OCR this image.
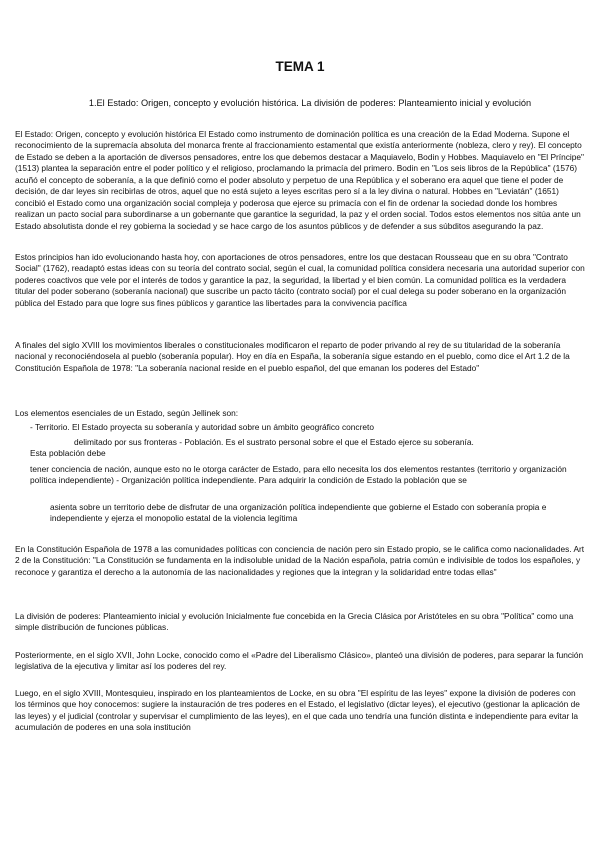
TEMA 1
1.El Estado: Origen, concepto y evolución histórica. La división de poderes: Planteamiento inicial y evolución

El Estado: Origen, concepto y evolución histórica El Estado como instrumento de dominación política es una creación de la Edad Moderna. Supone el reconocimiento de la supremacía absoluta del monarca frente al fraccionamiento estamental que existía anteriormente (nobleza, clero y rey). El concepto de Estado se deben a la aportación de diversos pensadores, entre los que debemos destacar a Maquiavelo, Bodin y Hobbes. Maquiavelo en "El Príncipe" (1513) plantea la separación entre el poder político y el religioso, proclamando la primacía del primero. Bodin en "Los seis libros de la República" (1576) acuñó el concepto de soberanía, a la que definió como el poder absoluto y perpetuo de una República y el soberano era aquel que tiene el poder de decisión, de dar leyes sin recibirlas de otros, aquel que no está sujeto a leyes escritas pero sí a la ley divina o natural. Hobbes en "Leviatán" (1651) concibió el Estado como una organización social compleja y poderosa que ejerce su primacía con el fin de ordenar la sociedad donde los hombres realizan un pacto social para subordinarse a un gobernante que garantice la seguridad, la paz y el orden social. Todos estos elementos nos sitúa ante un Estado absolutista donde el rey gobierna la sociedad y se hace cargo de los asuntos públicos y de defender a sus súbditos asegurando la paz.

Estos principios han ido evolucionando hasta hoy, con aportaciones de otros pensadores, entre los que destacan Rousseau que en su obra "Contrato Social" (1762), readaptó estas ideas con su teoría del contrato social, según el cual, la comunidad política considera necesaria una autoridad superior con poderes coactivos que vele por el interés de todos y garantice la paz, la seguridad, la libertad y el bien común. La comunidad política es la verdadera titular del poder soberano (soberanía nacional) que suscribe un pacto tácito (contrato social) por el cual delega su poder soberano en la organización pública del Estado para que logre sus fines públicos y garantice las libertades para la convivencia pacífica

A finales del siglo XVIII los movimientos liberales o constitucionales modificaron el reparto de poder privando al rey de su titularidad de la soberanía nacional y reconociéndosela al pueblo (soberanía popular). Hoy en día en España, la soberanía sigue estando en el pueblo, como dice el Art 1.2 de la Constitución Española de 1978: "La soberanía nacional reside en el pueblo español, del que emanan los poderes del Estado"

Los elementos esenciales de un Estado, según Jellinek son:

- Territorio. El Estado proyecta su soberanía y autoridad sobre un ámbito geográfico concreto

delimitado por sus fronteras - Población. Es el sustrato personal sobre el que el Estado ejerce su soberanía.

Esta población debe

tener conciencia de nación, aunque esto no le otorga carácter de Estado, para ello necesita los dos elementos restantes (territorio y organización política independiente) - Organización política independiente. Para adquirir la condición de Estado la población que se

asienta sobre un territorio debe de disfrutar de una organización política independiente que gobierne el Estado con soberanía propia e independiente y ejerza el monopolio estatal de la violencia legítima

En la Constitución Española de 1978 a las comunidades políticas con conciencia de nación pero sin Estado propio, se le califica como nacionalidades. Art 2 de la Constitución: "La Constitución se fundamenta en la indisoluble unidad de la Nación española, patria común e indivisible de todos los españoles, y reconoce y garantiza el derecho a la autonomía de las nacionalidades y regiones que la integran y la solidaridad entre todas ellas"

La división de poderes: Planteamiento inicial y evolución Inicialmente fue concebida en la Grecia Clásica por Aristóteles en su obra "Política" como una simple distribución de funciones públicas.

Posteriormente, en el siglo XVII, John Locke, conocido como el «Padre del Liberalismo Clásico», planteó una división de poderes, para separar la función legislativa de la ejecutiva y limitar así los poderes del rey.

Luego, en el siglo XVIII, Montesquieu, inspirado en los planteamientos de Locke, en su obra "El espíritu de las leyes" expone la división de poderes con los términos que hoy conocemos: sugiere la instauración de tres poderes en el Estado, el legislativo (dictar leyes), el ejecutivo (gestionar la aplicación de las leyes) y el judicial (controlar y supervisar el cumplimiento de las leyes), en el que cada uno tendría una función distinta e independiente para evitar la acumulación de poderes en una sola institución
